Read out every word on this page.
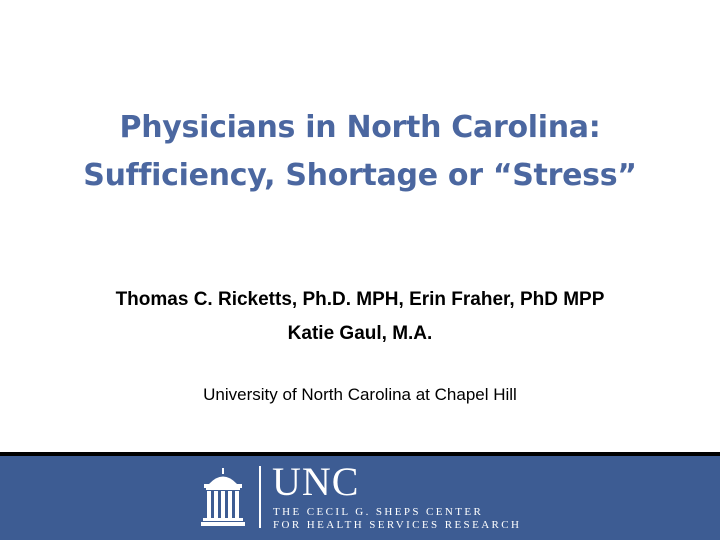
Physicians in North Carolina:
Sufficiency, Shortage or “Stress”
Thomas C. Ricketts, Ph.D. MPH, Erin Fraher, PhD MPP
Katie Gaul, M.A.
University of North Carolina at Chapel Hill
UNC
THE CECIL G. SHEPS CENTER
FOR HEALTH SERVICES RESEARCH
